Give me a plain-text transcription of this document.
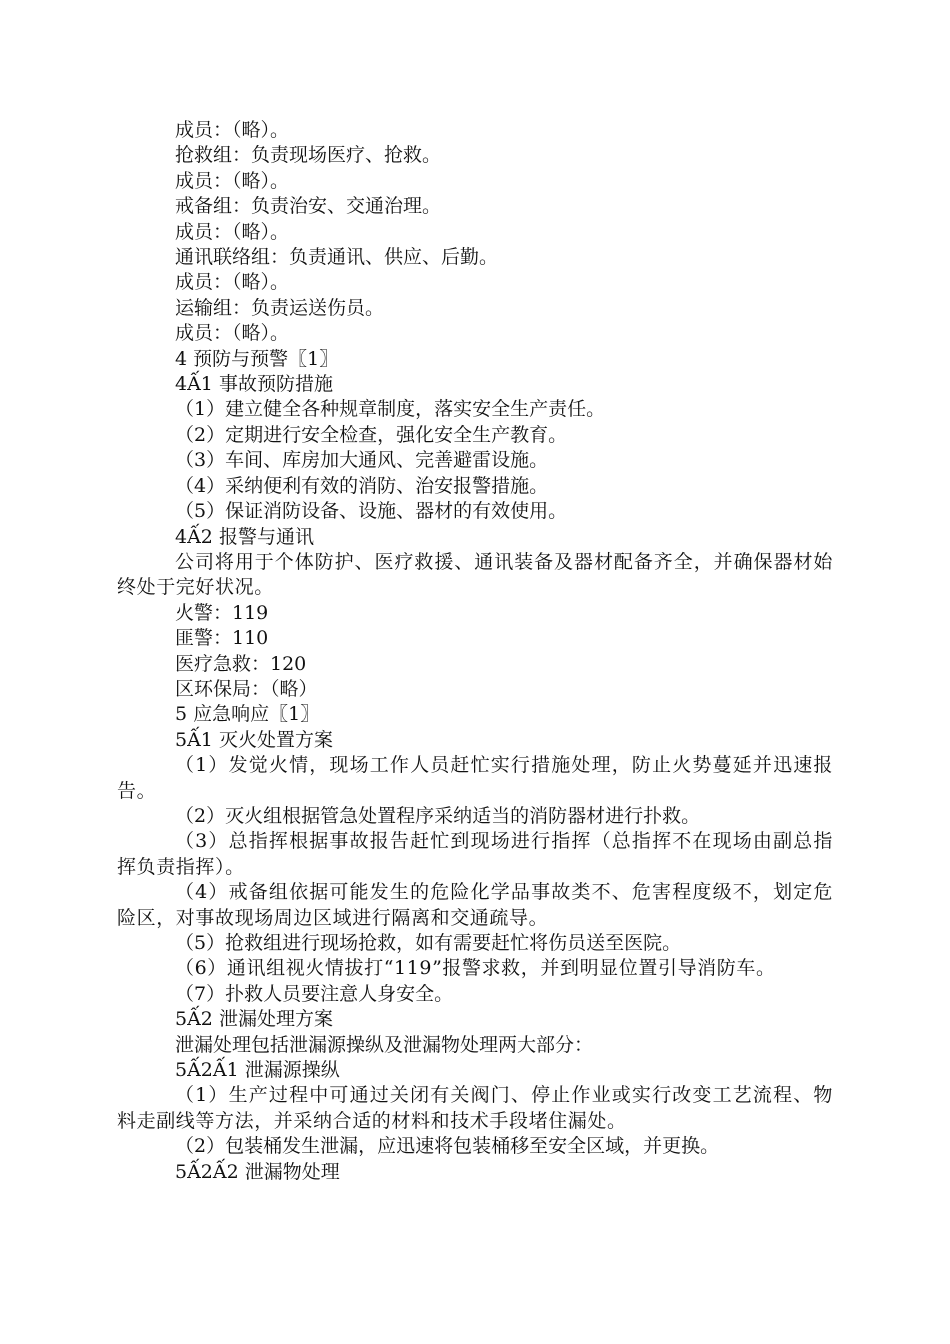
成员：（略）。
抢救组：负责现场医疗、抢救。
成员：（略）。
戒备组：负责治安、交通治理。
成员：（略）。
通讯联络组：负责通讯、供应、后勤。
成员：（略）。
运输组：负责运送伤员。
成员：（略）。
4 预防与预警〖1〗
4Ấ1 事故预防措施
（1）建立健全各种规章制度，落实安全生产责任。
（2）定期进行安全检查，强化安全生产教育。
（3）车间、库房加大通风、完善避雷设施。
（4）采纳便利有效的消防、治安报警措施。
（5）保证消防设备、设施、器材的有效使用。
4Ấ2 报警与通讯
公司将用于个体防护、医疗救援、通讯装备及器材配备齐全，并确保器材始终处于完好状况。
火警：119
匪警：110
医疗急救：120
区环保局：（略）
5 应急响应〖1〗
5Ấ1 灭火处置方案
（1）发觉火情，现场工作人员赶忙实行措施处理，防止火势蔓延并迅速报告。
（2）灭火组根据管急处置程序采纳适当的消防器材进行扑救。
（3）总指挥根据事故报告赶忙到现场进行指挥（总指挥不在现场由副总指挥负责指挥）。
（4）戒备组依据可能发生的危险化学品事故类不、危害程度级不，划定危险区，对事故现场周边区域进行隔离和交通疏导。
（5）抢救组进行现场抢救，如有需要赶忙将伤员送至医院。
（6）通讯组视火情拔打“119”报警求救，并到明显位置引导消防车。
（7）扑救人员要注意人身安全。
5Ấ2 泄漏处理方案
泄漏处理包括泄漏源操纵及泄漏物处理两大部分：
5Ấ2Ấ1 泄漏源操纵
（1）生产过程中可通过关闭有关阀门、停止作业或实行改变工艺流程、物料走副线等方法，并采纳合适的材料和技术手段堵住漏处。
（2）包装桶发生泄漏，应迅速将包装桶移至安全区域，并更换。
5Ấ2Ấ2 泄漏物处理
